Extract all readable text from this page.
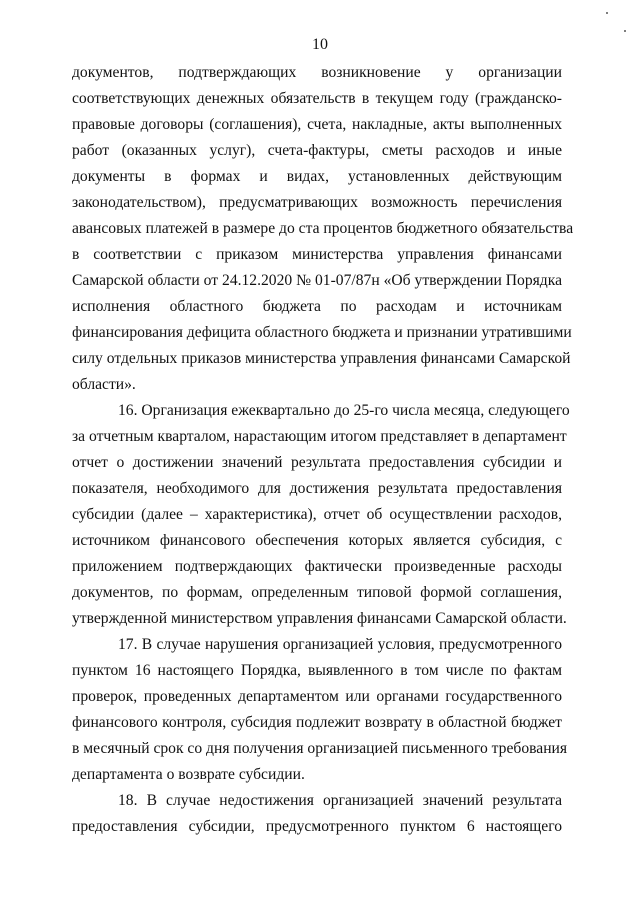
10
документов, подтверждающих возникновение у организации
соответствующих денежных обязательств в текущем году (гражданско-
правовые договоры (соглашения), счета, накладные, акты выполненных
работ (оказанных услуг), счета-фактуры, сметы расходов и иные
документы в формах и видах, установленных действующим
законодательством), предусматривающих возможность перечисления
авансовых платежей в размере до ста процентов бюджетного обязательства
в соответствии с приказом министерства управления финансами
Самарской области от 24.12.2020 № 01-07/87н «Об утверждении Порядка
исполнения областного бюджета по расходам и источникам
финансирования дефицита областного бюджета и признании утратившими
силу отдельных приказов министерства управления финансами Самарской
области».
16. Организация ежеквартально до 25-го числа месяца, следующего
за отчетным кварталом, нарастающим итогом представляет в департамент
отчет о достижении значений результата предоставления субсидии и
показателя, необходимого для достижения результата предоставления
субсидии (далее – характеристика), отчет об осуществлении расходов,
источником финансового обеспечения которых является субсидия, с
приложением подтверждающих фактически произведенные расходы
документов, по формам, определенным типовой формой соглашения,
утвержденной министерством управления финансами Самарской области.
17. В случае нарушения организацией условия, предусмотренного
пунктом 16 настоящего Порядка, выявленного в том числе по фактам
проверок, проведенных департаментом или органами государственного
финансового контроля, субсидия подлежит возврату в областной бюджет
в месячный срок со дня получения организацией письменного требования
департамента о возврате субсидии.
18. В случае недостижения организацией значений результата
предоставления субсидии, предусмотренного пунктом 6 настоящего
